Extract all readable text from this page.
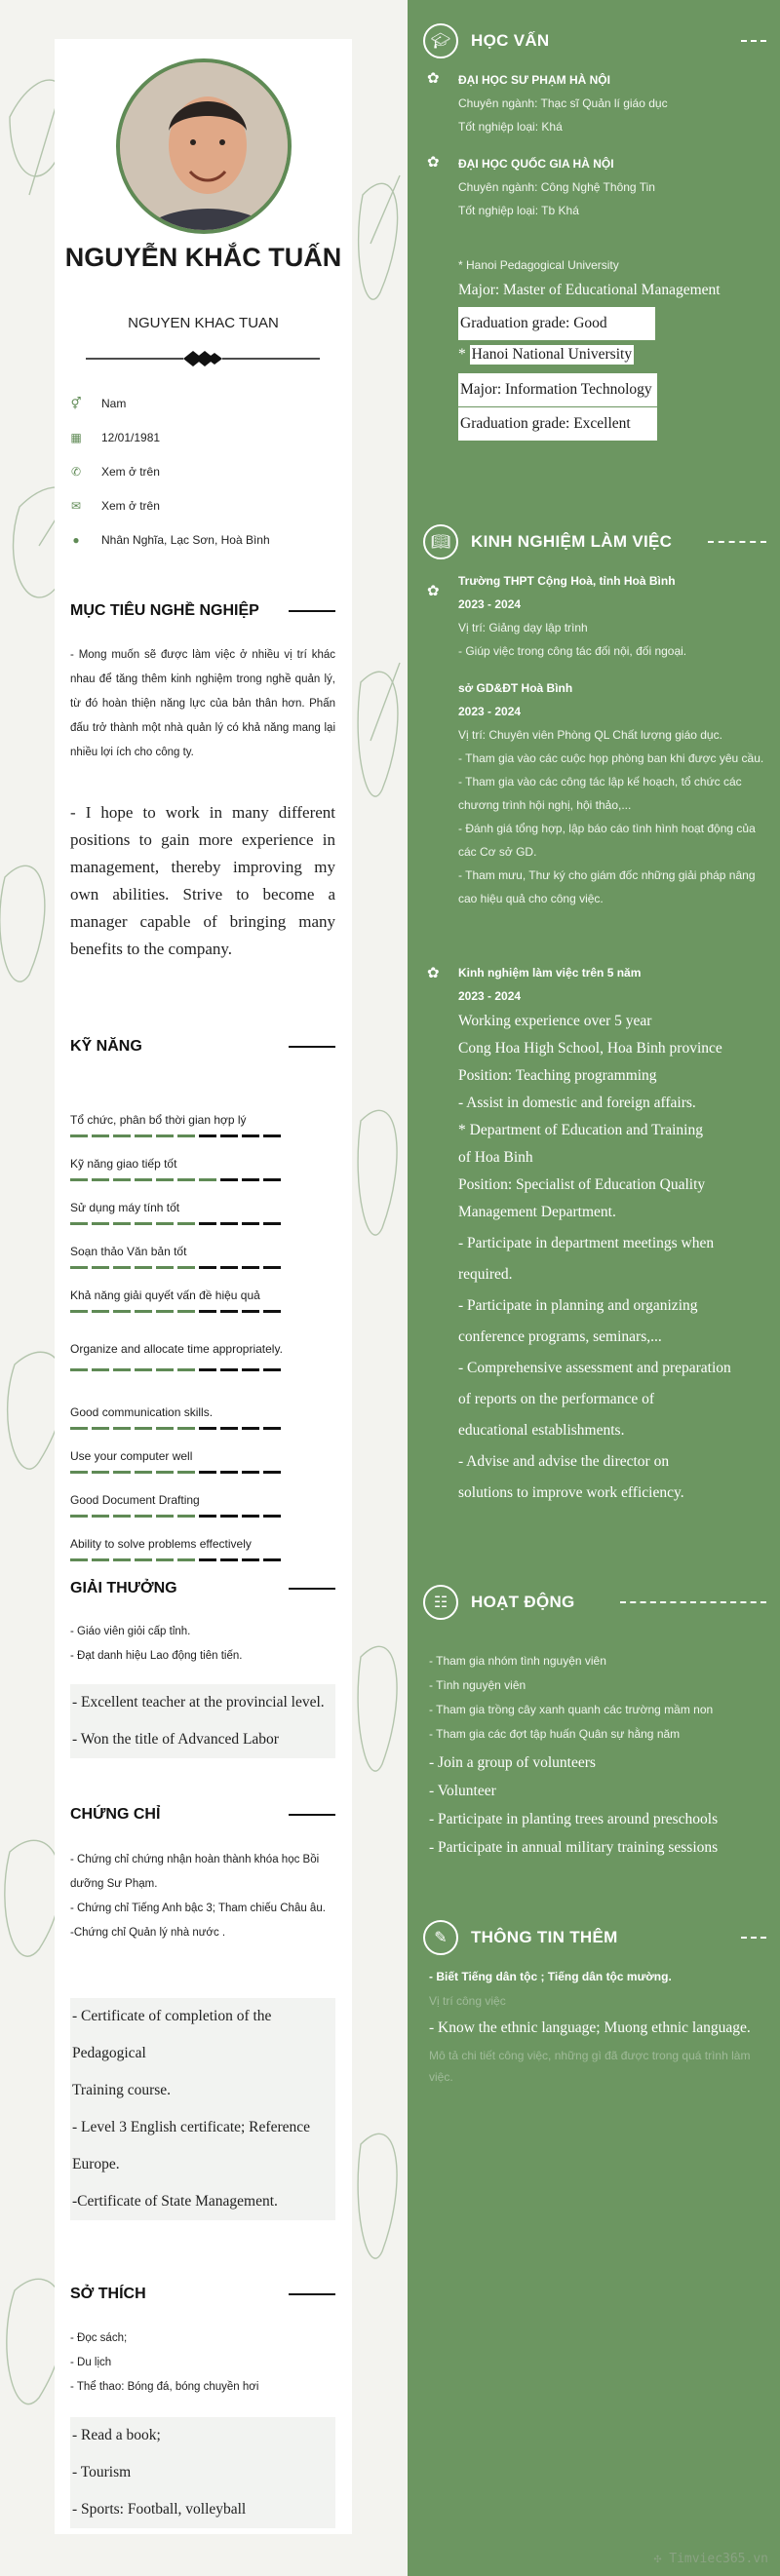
NGUYỄN KHẮC TUẤN
NGUYEN KHAC TUAN
⚥ Nam
▦ 12/01/1981
✆ Xem ở trên
✉ Xem ở trên
●	Nhân Nghĩa, Lạc Sơn, Hoà Bình
MỤC TIÊU NGHỀ NGHIỆP
- Mong muốn sẽ được làm việc ở nhiều vị trí khác nhau để tăng thêm kinh nghiệm trong nghề quản lý, từ đó hoàn thiện năng lực của bản thân hơn. Phấn đấu trở thành một nhà quản lý có khả năng mang lại nhiều lợi ích cho công ty.
- I hope to work in many different positions to gain more experience in management, thereby improving my own abilities. Strive to become a manager capable of bringing many benefits to the company.
KỸ NĂNG
Tổ chức, phân bổ thời gian hợp lý
Kỹ năng giao tiếp tốt
Sử dụng máy tính tốt
Soạn thảo Văn bản tốt
Khả năng giải quyết vấn đề hiệu quả
Organize and allocate time appropriately.
Good communication skills.
Use your computer well
Good Document Drafting
Ability to solve problems effectively
GIẢI THƯỞNG
- Giáo viên giỏi cấp tỉnh.
- Đạt danh hiệu Lao động tiên tiến.
- Excellent teacher at the provincial level.
- Won the title of Advanced Labor
CHỨNG CHỈ
- Chứng chỉ chứng nhận hoàn thành khóa học Bồi dưỡng Sư Phạm.
- Chứng chỉ Tiếng Anh bậc 3; Tham chiếu Châu âu.
-Chứng chỉ Quản lý nhà nước .
- Certificate of completion of the
Pedagogical
Training course.
- Level 3 English certificate; Reference
Europe.
-Certificate of State Management.
SỞ THÍCH
- Đọc sách;
- Du lịch
- Thể thao: Bóng đá, bóng chuyền hơi
- Read a book;
- Tourism
- Sports: Football, volleyball
🎓︎	HỌC VẤN
✿ ĐẠI HỌC SƯ PHẠM HÀ NỘI
Chuyên ngành: Thạc sĩ Quản lí giáo dục
Tốt nghiệp loại: Khá
✿ ĐẠI HỌC QUỐC GIA HÀ NỘI
Chuyên ngành: Công Nghệ Thông Tin
Tốt nghiệp loại: Tb Khá
* Hanoi Pedagogical University
Major: Master of Educational Management
Graduation grade: Good
* Hanoi National University
Major: Information Technology
Graduation grade: Excellent
📖︎	KINH NGHIỆM LÀM VIỆC
✿
Trường THPT Cộng Hoà, tỉnh Hoà Bình
2023 - 2024
Vị trí: Giảng dạy lập trình
- Giúp việc trong công tác đối nội, đối ngoại.
sở GD&ĐT Hoà Bình
2023 - 2024
Vị trí: Chuyên viên Phòng QL Chất lượng giáo dục.
- Tham gia vào các cuộc họp phòng ban khi được yêu cầu.
- Tham gia vào các công tác lập kế hoạch, tổ chức các chương trình hội nghị, hội thảo,...
- Đánh giá tổng hợp, lập báo cáo tình hình hoạt động của các Cơ sở GD.
- Tham mưu, Thư ký cho giám đốc những giải pháp nâng cao hiệu quả cho công việc.
✿ Kinh nghiệm làm việc trên 5 năm
2023 - 2024
Working experience over 5 year
Cong Hoa High School, Hoa Binh province
Position: Teaching programming
- Assist in domestic and foreign affairs.
* Department of Education and Training
of Hoa Binh
Position: Specialist of Education Quality
Management Department.
- Participate in department meetings when
required.
- Participate in planning and organizing
conference programs, seminars,...
- Comprehensive assessment and preparation
of reports on the performance of
educational establishments.
- Advise and advise the director on
solutions to improve work efficiency.
☷	HOẠT ĐỘNG
- Tham gia nhóm tình nguyện viên
- Tình nguyện viên
- Tham gia trồng cây xanh quanh các trường mầm non
- Tham gia các đợt tập huấn Quân sự hằng năm
- Join a group of volunteers
- Volunteer
- Participate in planting trees around preschools
- Participate in annual military training sessions
✎	THÔNG TIN THÊM
- Biết Tiếng dân tộc ; Tiếng dân tộc mường.
Vị trí công việc
- Know the ethnic language; Muong ethnic language.
Mô tả chi tiết công việc, những gì đã được trong quá trình làm việc.
✣ Timviec365.vn
